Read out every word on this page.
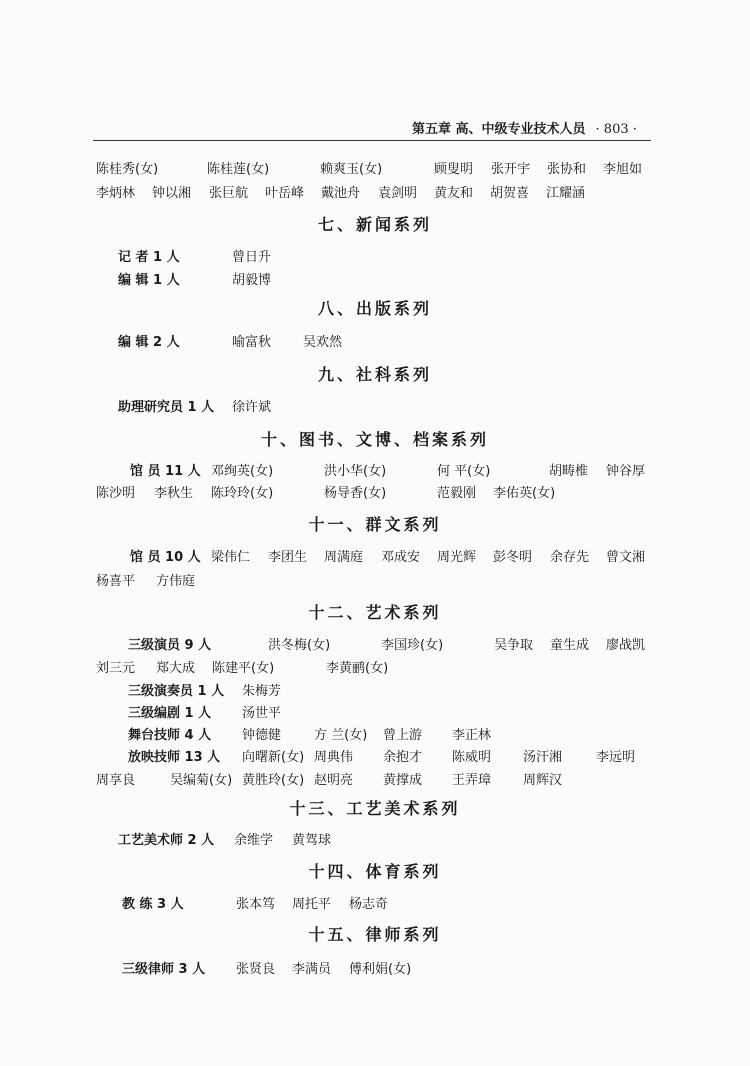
第五章 高、中级专业技术人员 · 803 ·
陈桂秀(女)	陈桂莲(女)	赖爽玉(女)	顾叟明 张开宇 张协和 李旭如
李炳林 钟以湘 张巨航 叶岳峰 戴池舟 袁剑明 黄友和 胡贺喜 江耀涵
七、新闻系列
记 者 1 人	曾日升
编 辑 1 人	胡毅博
八、出版系列
编 辑 2 人	喻富秋 吴欢然
九、社科系列
助理研究员 1 人 徐许斌
十、图书、文博、档案系列
馆 员 11 人 邓绚英(女)	洪小华(女)	何 平(女)	胡畴椎 钟谷厚
陈沙明 李秋生 陈玲玲(女)	杨导香(女)	范毅刚 李佑英(女)
十一、群文系列
馆 员 10 人 梁伟仁 李团生 周满庭 邓成安 周光辉 彭冬明 余存先 曾文湘
杨喜平 方伟庭
十二、艺术系列
三级演员 9 人	洪冬梅(女)	李国珍(女)	吴争取 童生成 廖战凯
刘三元 郑大成 陈建平(女)	李黄鹂(女)
三级演奏员 1 人 朱梅芳
三级编剧 1 人 汤世平
舞台技师 4 人 钟德健	方 兰(女) 曾上游 李正林
放映技师 13 人 向曙新(女) 周典伟 余抱才 陈威明 汤汗湘	李远明
周享良	吴编菊(女) 黄胜玲(女) 赵明亮 黄撑成 王弄璋 周辉汉
十三、工艺美术系列
工艺美术师 2 人 余维学 黄驾球
十四、体育系列
教 练 3 人	张本笃 周托平 杨志奇
十五、律师系列
三级律师 3 人 张贤良 李满员 傅利娟(女)
